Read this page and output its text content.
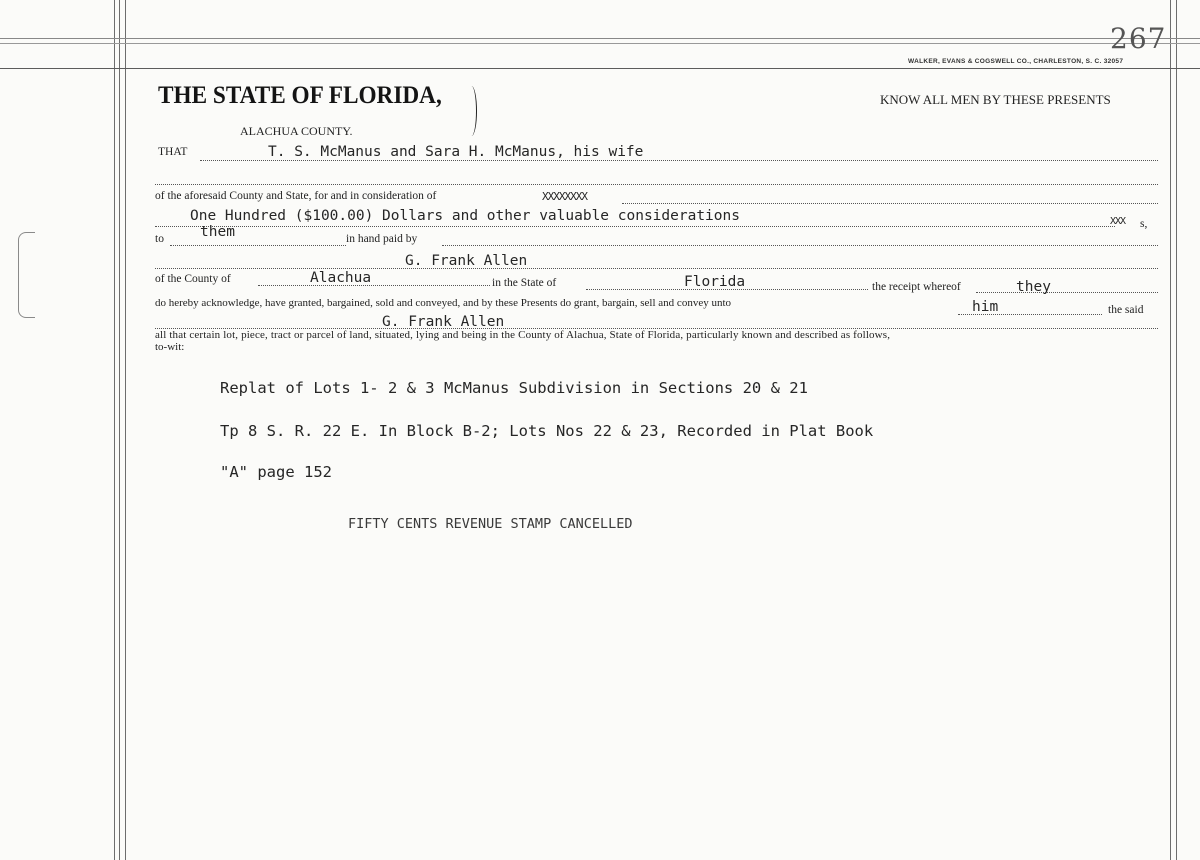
267
WALKER, EVANS & COGSWELL CO., CHARLESTON, S. C. 32057
THE STATE OF FLORIDA,
ALACHUA COUNTY.
KNOW ALL MEN BY THESE PRESENTS
THAT	T. S. McManus and Sara H. McManus, his wife
of the aforesaid County and State, for and in consideration of	XXXXXXXX
One Hundred ($100.00) Dollars and other valuable considerations	XXX s,
to them	in hand paid by
G. Frank Allen
of the County of	Alachua	in the State of	Florida	the receipt whereof	they
do hereby acknowledge, have granted, bargained, sold and conveyed, and by these Presents do grant, bargain, sell and convey unto	him	the said
G. Frank Allen
all that certain lot, piece, tract or parcel of land, situated, lying and being in the County of Alachua, State of Florida, particularly known and described as follows,
to-wit:
Replat of Lots 1- 2 & 3 McManus Subdivision in Sections 20 & 21
Tp 8 S. R. 22 E. In Block B-2; Lots Nos 22 & 23, Recorded in Plat Book
"A" page 152
FIFTY CENTS REVENUE STAMP CANCELLED
